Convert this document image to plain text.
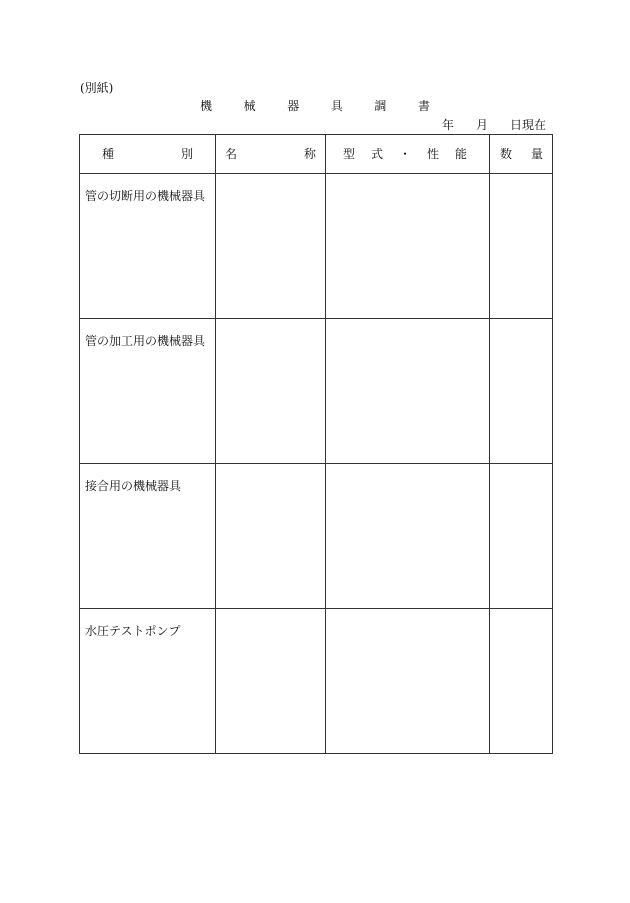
(別紙)
機	械	器	具	調	書
年 月 日現在
種 別	名 称	型 式 ・ 性 能	数 量

管の切断用の機械器具			

管の加工用の機械器具			

接合用の機械器具			

水圧テストポンプ			
